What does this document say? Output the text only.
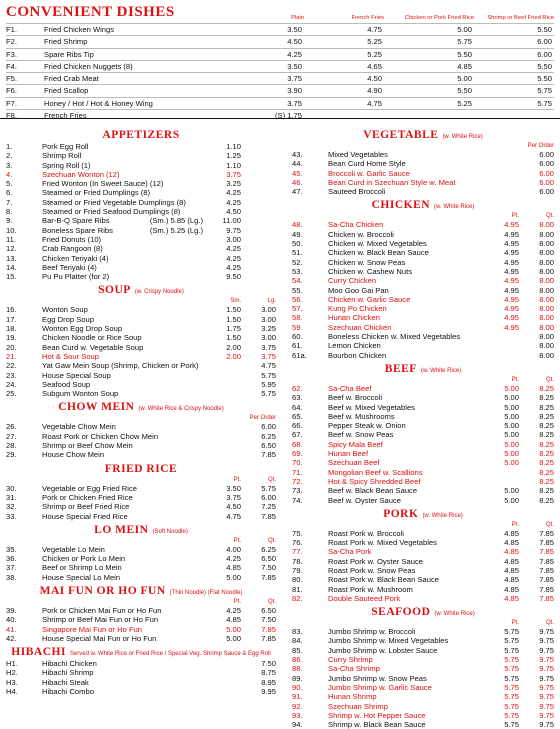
CONVENIENT DISHES	Plain	French Fries	Chicken or Pork Fried Rice	Shrimp or Beef Fried Rice
F1.	Fried Chicken Wings	3.50	4.75	5.00	5.50
F2.	Fried Shrimp	4.50	5.25	5.75	6.00
F3.	Spare Ribs Tip	4.25	5.25	5.50	6.00
F4.	Fried Chicken Nuggets (8)	3.50	4.65	4.85	5.50
F5.	Fried Crab Meat	3.75	4.50	5.00	5.50
F6.	Fried Scallop	3.90	4.90	5.50	5.75
F7.	Honey / Hot / Hot & Honey Wing	3.75	4.75	5.25	5.75
F8.	French Fries	(S) 1.75
APPETIZERS
1.	Pork Egg Roll	1.10
2.	Shrimp Roll	1.25
3.	Spring Roll (1)	1.10
4.	Szechuan Wonton (12)	3.75
5.	Fried Wonton (In Sweet Sauce) (12)	3.25
6.	Steamed or Fried Dumplings (8)	4.25
7.	Steamed or Fried Vegetable Dumplings (8)	4.25
8.	Steamed or Fried Seafood Dumplings (8)	4.50
9.	Bar-B-Q Spare Ribs	(Sm.) 5.85 (Lg.)	11.00
10.	Boneless Spare Ribs	(Sm.) 5.25 (Lg.)	9.75
11.	Fried Donuts (10)	3.00
12.	Crab Rangoon (8)	4.25
13.	Chicken Teriyaki (4)	4.25
14.	Beef Teriyaki (4)	4.25
15.	Pu Pu Platter (for 2)	9.50
SOUP (w. Crispy Noodle)
Sm.	Lg.
16.	Wonton Soup	1.50	3.00
17.	Egg Drop Soup	1.50	3.00
18.	Wonton Egg Drop Soup	1.75	3.25
19.	Chicken Noodle or Rice Soup	1.50	3.00
20.	Bean Curd w. Vegetable Soup	2.00	3.75
21.	Hot & Sour Soup	2.00	3.75
22.	Yat Gaw Mein Soup (Shrimp, Chicken or Pork)	4.75
23.	House Special Soup	5.75
24.	Seafood Soup	5.95
25.	Subgum Wonton Soup	5.75
CHOW MEIN (w. White Rice & Crispy Noodle)
Per Order
26.	Vegetable Chow Mein	6.00
27.	Roast Pork or Chicken Chow Mein	6.25
28.	Shrimp or Beef Chow Mein	6.50
29.	House Chow Mein	7.85
FRIED RICE
Pt.	Qt.
30.	Vegetable or Egg Fried Rice	3.50	5.75
31.	Pork or Chicken Fried Rice	3.75	6.00
32.	Shrimp or Beef Fried Rice	4.50	7.25
33.	House Special Fried Rice	4.75	7.85
LO MEIN (Soft Noodle)
Pt.	Qt.
35.	Vegetable Lo Mein	4.00	6.25
36.	Chicken or Pork Lo Mein	4.25	6.50
37.	Beef or Shrimp Lo Mein	4.85	7.50
38.	House Special Lo Mein	5.00	7.85
MAI FUN OR HO FUN (Thin Noodle) (Flat Noodle)
Pt.	Qt.
39.	Pork or Chicken Mai Fun or Ho Fun	4.25	6.50
40.	Shrimp or Beef Mai Fun or Ho Fun	4.85	7.50
41.	Singapore Mai Fun or Ho Fun	5.00	7.85
42.	House Special Mai Fun or Ho Fun	5.00	7.85
HIBACHI Served w. White Rice or Fried Rice / Special Veg. Shrimp Sauce & Egg Roll
H1.	Hibachi Chicken	7.50
H2.	Hibachi Shrimp	8.75
H3.	Hibachi Steak	8.95
H4.	Hibachi Combo	9.95
VEGETABLE (w. White Rice)
Per Order
43.	Mixed Vegetables	6.00
44.	Bean Curd Home Style	6.00
45.	Broccoli w. Garlic Sauce	6.00
46.	Bean Curd in Szechuan Style w. Meat	6.00
47.	Sauteed Broccoli	6.00
CHICKEN (w. White Rice)
Pt.	Qt.
48.	Sa-Cha Chicken	4.95	8.00
49.	Chicken w. Broccoli	4.95	8.00
50.	Chicken w. Mixed Vegetables	4.95	8.00
51.	Chicken w. Black Bean Sauce	4.95	8.00
52.	Chicken w. Snow Peas	4.95	8.00
53.	Chicken w. Cashew Nuts	4.95	8.00
54.	Curry Chicken	4.95	8.00
55.	Moo Goo Gai Pan	4.95	8.00
56.	Chicken w. Garlic Sauce	4.95	8.00
57.	Kung Po Chicken	4.95	8.00
58.	Hunan Chicken	4.95	8.00
59.	Szechuan Chicken	4.95	8.00
60.	Boneless Chicken w. Mixed Vegetables	8.00
61.	Lemon Chicken	8.00
61a.	Bourbon Chicken	8.00
BEEF (w. White Rice)
Pt.	Qt.
62.	Sa-Cha Beef	5.00	8.25
63.	Beef w. Broccoli	5.00	8.25
64.	Beef w. Mixed Vegetables	5.00	8.25
65.	Beef w. Mushrooms	5.00	8.25
66.	Pepper Steak w. Onion	5.00	8.25
67.	Beef w. Snow Peas	5.00	8.25
68.	Spicy Mala Beef	5.00	8.25
69.	Hunan Beef	5.00	8.25
70.	Szechuan Beef	5.00	8.25
71.	Mongolian Beef w. Scallions	8.25
72.	Hot & Spicy Shredded Beef	8.25
73.	Beef w. Black Bean Sauce	5.00	8.25
74.	Beef w. Oyster Sauce	5.00	8.25
PORK (w. White Rice)
Pt.	Qt.
75.	Roast Pork w. Broccoli	4.85	7.85
76.	Roast Pork w. Mixed Vegetables	4.85	7.85
77.	Sa-Cha Pork	4.85	7.85
78.	Roast Pork w. Oyster Sauce	4.85	7.85
79.	Roast Pork w. Snow Peas	4.85	7.85
80.	Roast Pork w. Black Bean Sauce	4.85	7.85
81.	Roast Pork w. Mushroom	4.85	7.85
82.	Double Sauteed Pork	4.85	7.85
SEAFOOD (w. White Rice)
Pt.	Qt.
83.	Jumbo Shrimp w. Broccoli	5.75	9.75
84.	Jumbo Shrimp w. Mixed Vegetables	5.75	9.75
85.	Jumbo Shrimp w. Lobster Sauce	5.75	9.75
86.	Curry Shrimp	5.75	9.75
88.	Sa-Cha Shrimp	5.75	9.75
89.	Jumbo Shrimp w. Snow Peas	5.75	9.75
90.	Jumbo Shrimp w. Garlic Sauce	5.75	9.75
91.	Hunan Shrimp	5.75	9.75
92.	Szechuan Shrimp	5.75	9.75
93.	Shrimp w. Hot Pepper Sauce	5.75	9.75
94.	Shrimp w. Black Bean Sauce	5.75	9.75
